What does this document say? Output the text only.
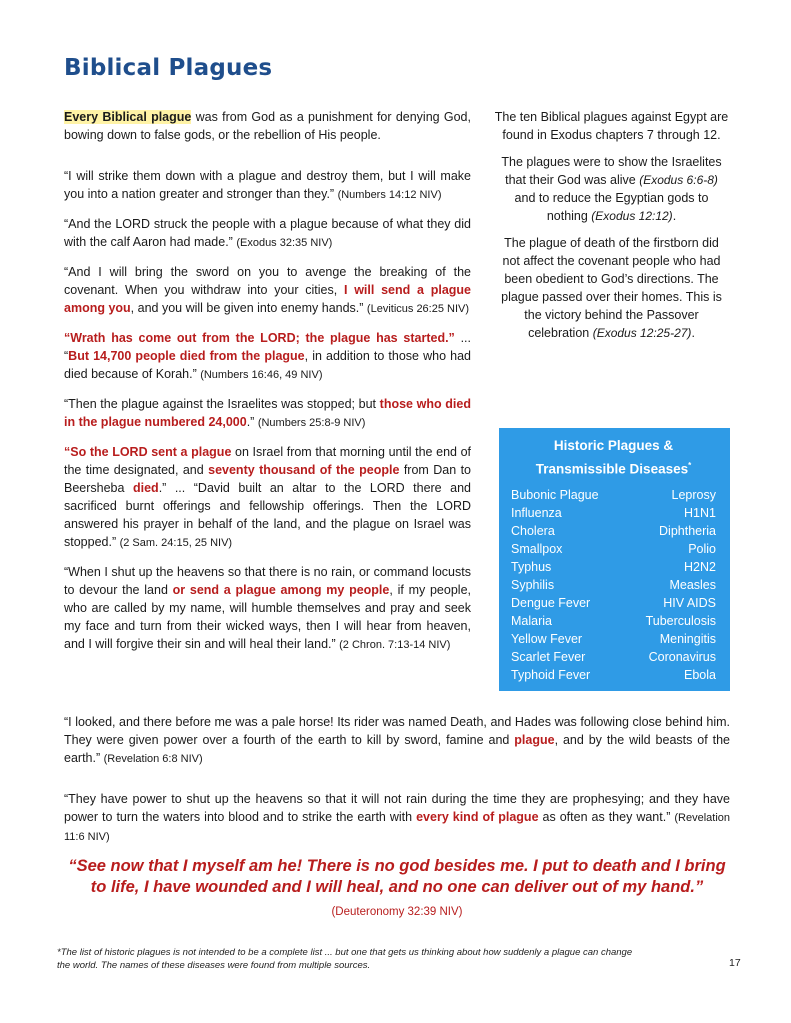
Biblical Plagues

Every Biblical plague was from God as a punishment for denying God, bowing down to false gods, or the rebellion of His people.

“I will strike them down with a plague and destroy them, but I will make you into a nation greater and stronger than they.” (Numbers 14:12 NIV)

“And the LORD struck the people with a plague because of what they did with the calf Aaron had made.” (Exodus 32:35 NIV)

“And I will bring the sword on you to avenge the breaking of the covenant. When you withdraw into your cities, I will send a plague among you, and you will be given into enemy hands.” (Leviticus 26:25 NIV)

“Wrath has come out from the LORD; the plague has started.” ... “But 14,700 people died from the plague, in addition to those who had died because of Korah.” (Numbers 16:46, 49 NIV)

“Then the plague against the Israelites was stopped; but those who died in the plague numbered 24,000.” (Numbers 25:8-9 NIV)

“So the LORD sent a plague on Israel from that morning until the end of the time designated, and seventy thousand of the people from Dan to Beersheba died.” ... “David built an altar to the LORD there and sacrificed burnt offerings and fellowship offerings. Then the LORD answered his prayer in behalf of the land, and the plague on Israel was stopped.” (2 Sam. 24:15, 25 NIV)

“When I shut up the heavens so that there is no rain, or command locusts to devour the land or send a plague among my people, if my people, who are called by my name, will humble themselves and pray and seek my face and turn from their wicked ways, then I will hear from heaven, and I will forgive their sin and will heal their land.” (2 Chron. 7:13-14 NIV)

The ten Biblical plagues against Egypt are found in Exodus chapters 7 through 12.

The plagues were to show the Israelites that their God was alive (Exodus 6:6-8) and to reduce the Egyptian gods to nothing (Exodus 12:12).

The plague of death of the firstborn did not affect the covenant people who had been obedient to God’s directions. The plague passed over their homes. This is the victory behind the Passover celebration (Exodus 12:25-27).

Historic Plagues &
Transmissible Diseases*
Bubonic Plague	Leprosy
Influenza	H1N1
Cholera	Diphtheria
Smallpox	Polio
Typhus	H2N2
Syphilis	Measles
Dengue Fever	HIV AIDS
Malaria	Tuberculosis
Yellow Fever	Meningitis
Scarlet Fever	Coronavirus
Typhoid Fever	Ebola

“I looked, and there before me was a pale horse! Its rider was named Death, and Hades was following close behind him. They were given power over a fourth of the earth to kill by sword, famine and plague, and by the wild beasts of the earth.” (Revelation 6:8 NIV)

“They have power to shut up the heavens so that it will not rain during the time they are prophesying; and they have power to turn the waters into blood and to strike the earth with every kind of plague as often as they want.” (Revelation 11:6 NIV)

“See now that I myself am he! There is no god besides me. I put to death and I bring to life, I have wounded and I will heal, and no one can deliver out of my hand.” (Deuteronomy 32:39 NIV)

*The list of historic plagues is not intended to be a complete list ... but one that gets us thinking about how suddenly a plague can change the world. The names of these diseases were found from multiple sources.	17
